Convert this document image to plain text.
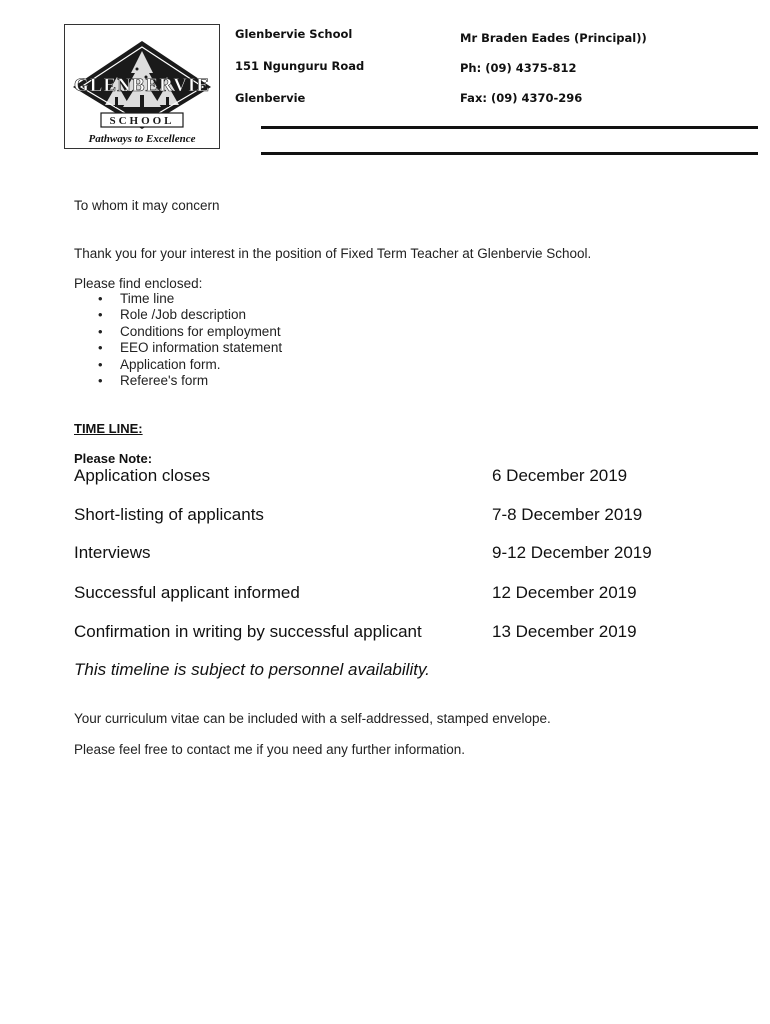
GLENBERVIE
SCHOOL
Pathways to Excellence
Glenbervie School
151 Ngunguru Road
Glenbervie
Mr Braden Eades (Principal))
Ph: (09) 4375-812
Fax: (09) 4370-296
To whom it may concern
Thank you for your interest in the position of Fixed Term Teacher at Glenbervie School.
Please find enclosed:
• Time line
• Role /Job description
• Conditions for employment
• EEO information statement
• Application form.
• Referee's form
TIME LINE:
Please Note:
Application closes	6 December 2019
Short-listing of applicants	7-8 December 2019
Interviews	9-12 December 2019
Successful applicant informed	12 December 2019
Confirmation in writing by successful applicant	13 December 2019
This timeline is subject to personnel availability.
Your curriculum vitae can be included with a self-addressed, stamped envelope.
Please feel free to contact me if you need any further information.
